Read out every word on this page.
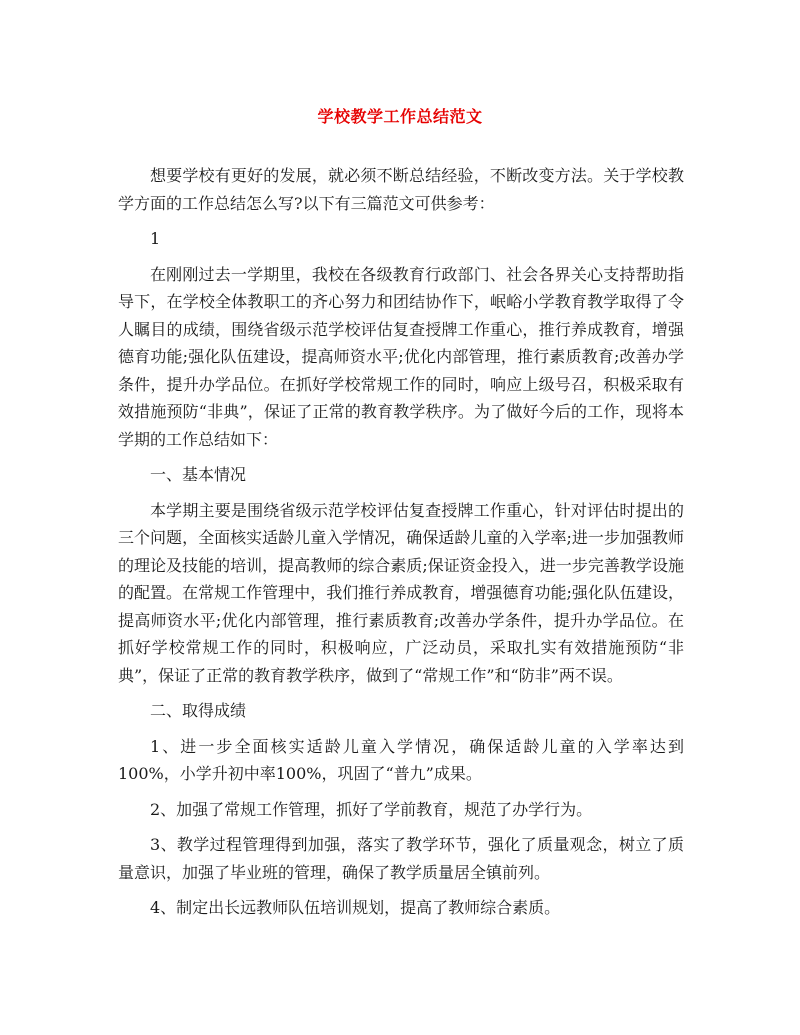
学校教学工作总结范文

想要学校有更好的发展，就必须不断总结经验，不断改变方法。关于学校教学方面的工作总结怎么写?以下有三篇范文可供参考：

1

在刚刚过去一学期里，我校在各级教育行政部门、社会各界关心支持帮助指导下，在学校全体教职工的齐心努力和团结协作下，岷峪小学教育教学取得了令人瞩目的成绩，围绕省级示范学校评估复查授牌工作重心，推行养成教育，增强德育功能;强化队伍建设，提高师资水平;优化内部管理，推行素质教育;改善办学条件，提升办学品位。在抓好学校常规工作的同时，响应上级号召，积极采取有效措施预防“非典”，保证了正常的教育教学秩序。为了做好今后的工作，现将本学期的工作总结如下：

一、基本情况

本学期主要是围绕省级示范学校评估复查授牌工作重心，针对评估时提出的三个问题，全面核实适龄儿童入学情况，确保适龄儿童的入学率;进一步加强教师的理论及技能的培训，提高教师的综合素质;保证资金投入，进一步完善教学设施的配置。在常规工作管理中，我们推行养成教育，增强德育功能;强化队伍建设，提高师资水平;优化内部管理，推行素质教育;改善办学条件，提升办学品位。在抓好学校常规工作的同时，积极响应，广泛动员，采取扎实有效措施预防“非典”，保证了正常的教育教学秩序，做到了“常规工作”和“防非”两不误。

二、取得成绩

1、进一步全面核实适龄儿童入学情况，确保适龄儿童的入学率达到100%，小学升初中率100%，巩固了“普九”成果。

2、加强了常规工作管理，抓好了学前教育，规范了办学行为。

3、教学过程管理得到加强，落实了教学环节，强化了质量观念，树立了质量意识，加强了毕业班的管理，确保了教学质量居全镇前列。

4、制定出长远教师队伍培训规划，提高了教师综合素质。
